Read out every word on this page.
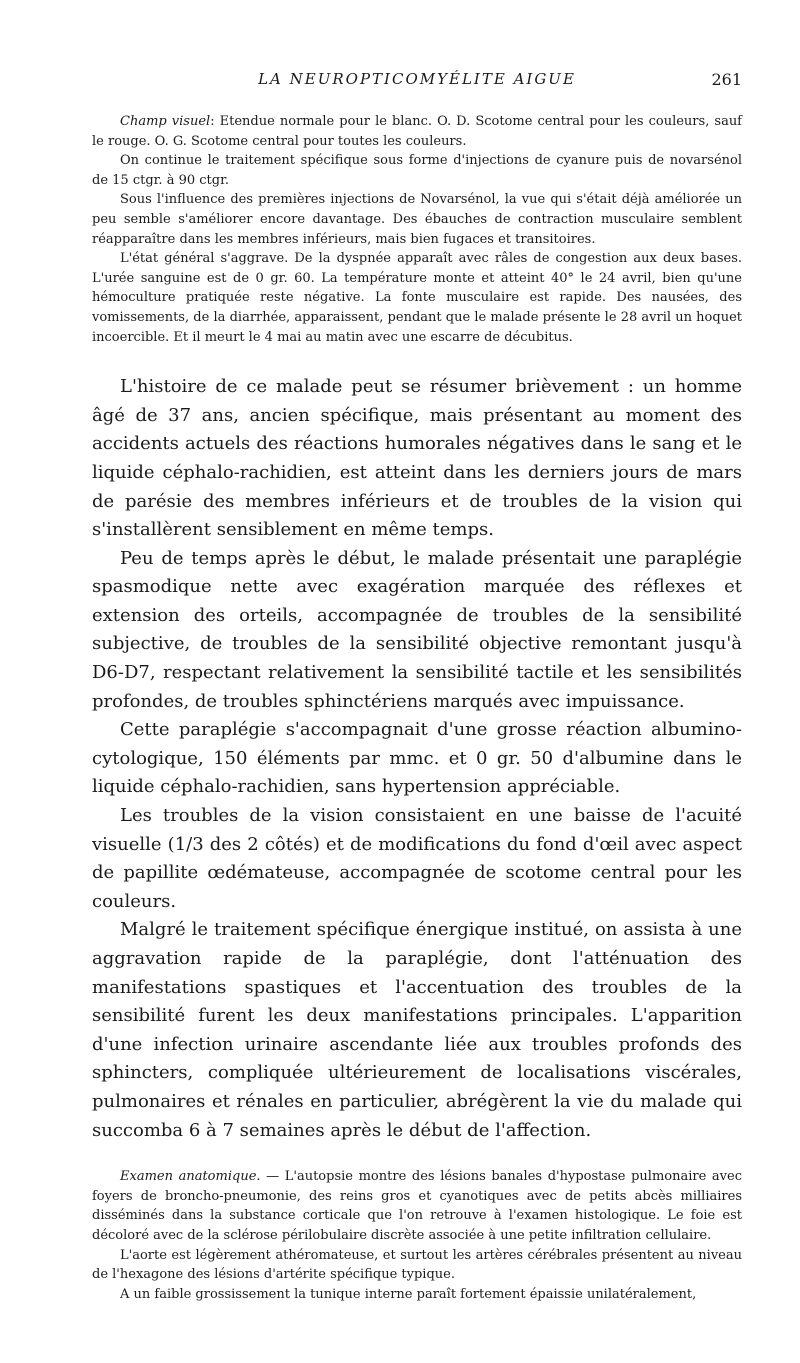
LA NEUROPTICOMYÉLITE AIGUE	261

Champ visuel: Etendue normale pour le blanc. O. D. Scotome central pour les couleurs, sauf le rouge. O. G. Scotome central pour toutes les couleurs.

On continue le traitement spécifique sous forme d'injections de cyanure puis de novarsénol de 15 ctgr. à 90 ctgr.

Sous l'influence des premières injections de Novarsénol, la vue qui s'était déjà améliorée un peu semble s'améliorer encore davantage. Des ébauches de contraction musculaire semblent réapparaître dans les membres inférieurs, mais bien fugaces et transitoires.

L'état général s'aggrave. De la dyspnée apparaît avec râles de congestion aux deux bases. L'urée sanguine est de 0 gr. 60. La température monte et atteint 40° le 24 avril, bien qu'une hémoculture pratiquée reste négative. La fonte musculaire est rapide. Des nausées, des vomissements, de la diarrhée, apparaissent, pendant que le malade présente le 28 avril un hoquet incoercible. Et il meurt le 4 mai au matin avec une escarre de décubitus.

L'histoire de ce malade peut se résumer brièvement : un homme âgé de 37 ans, ancien spécifique, mais présentant au moment des accidents actuels des réactions humorales négatives dans le sang et le liquide céphalo-rachidien, est atteint dans les derniers jours de mars de parésie des membres inférieurs et de troubles de la vision qui s'installèrent sensiblement en même temps.

Peu de temps après le début, le malade présentait une paraplégie spasmodique nette avec exagération marquée des réflexes et extension des orteils, accompagnée de troubles de la sensibilité subjective, de troubles de la sensibilité objective remontant jusqu'à D6-D7, respectant relativement la sensibilité tactile et les sensibilités profondes, de troubles sphinctériens marqués avec impuissance.

Cette paraplégie s'accompagnait d'une grosse réaction albumino-cytologique, 150 éléments par mmc. et 0 gr. 50 d'albumine dans le liquide céphalo-rachidien, sans hypertension appréciable.

Les troubles de la vision consistaient en une baisse de l'acuité visuelle (1/3 des 2 côtés) et de modifications du fond d'œil avec aspect de papillite œdémateuse, accompagnée de scotome central pour les couleurs.

Malgré le traitement spécifique énergique institué, on assista à une aggravation rapide de la paraplégie, dont l'atténuation des manifestations spastiques et l'accentuation des troubles de la sensibilité furent les deux manifestations principales. L'apparition d'une infection urinaire ascendante liée aux troubles profonds des sphincters, compliquée ultérieurement de localisations viscérales, pulmonaires et rénales en particulier, abrégèrent la vie du malade qui succomba 6 à 7 semaines après le début de l'affection.

Examen anatomique. — L'autopsie montre des lésions banales d'hypostase pulmonaire avec foyers de broncho-pneumonie, des reins gros et cyanotiques avec de petits abcès milliaires disséminés dans la substance corticale que l'on retrouve à l'examen histologique. Le foie est décoloré avec de la sclérose périlobulaire discrète associée à une petite infiltration cellulaire.

L'aorte est légèrement athéromateuse, et surtout les artères cérébrales présentent au niveau de l'hexagone des lésions d'artérite spécifique typique.

A un faible grossissement la tunique interne paraît fortement épaissie unilatéralement,
